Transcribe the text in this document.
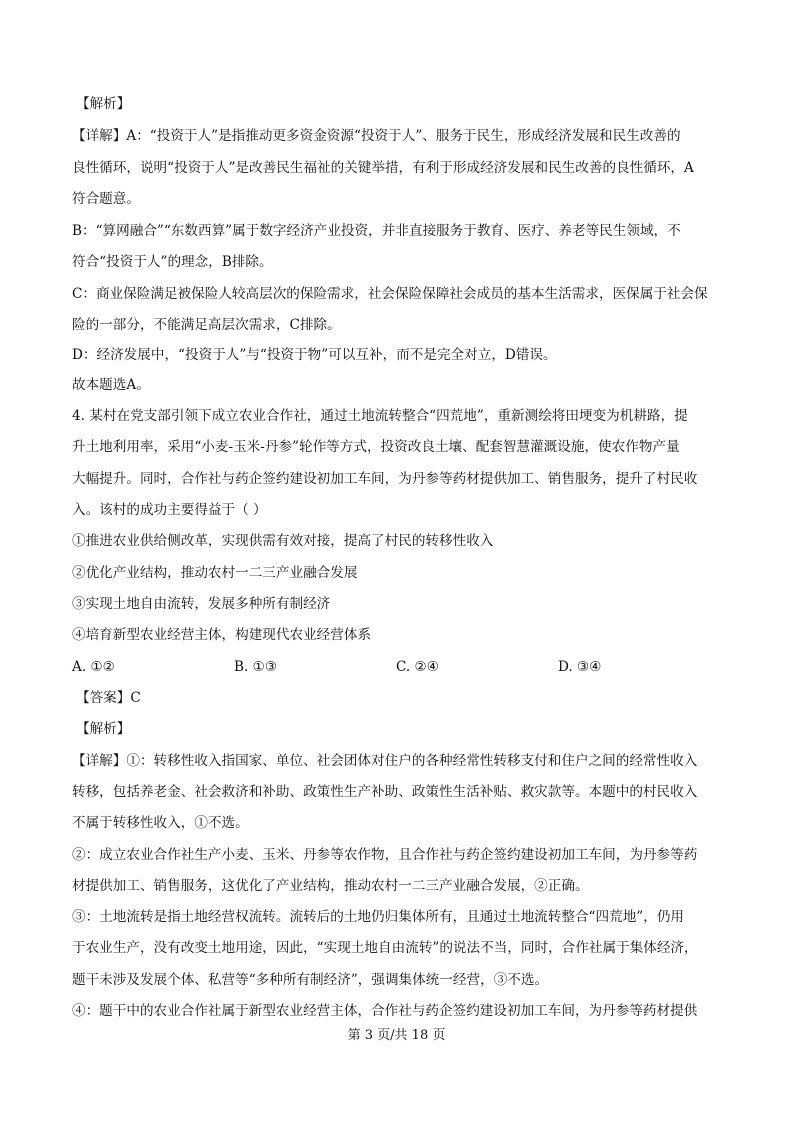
【解析】
【详解】A：“投资于人”是指推动更多资金资源“投资于人”、服务于民生，形成经济发展和民生改善的
良性循环，说明“投资于人”是改善民生福祉的关键举措，有利于形成经济发展和民生改善的良性循环，A
符合题意。
B：“算网融合”“东数西算”属于数字经济产业投资，并非直接服务于教育、医疗、养老等民生领域，不
符合“投资于人”的理念，B排除。
C：商业保险满足被保险人较高层次的保险需求，社会保险保障社会成员的基本生活需求，医保属于社会保
险的一部分，不能满足高层次需求，C排除。
D：经济发展中，“投资于人”与“投资于物”可以互补，而不是完全对立，D错误。
故本题选A。
4. 某村在党支部引领下成立农业合作社，通过土地流转整合“四荒地”，重新测绘将田埂变为机耕路，提
升土地利用率，采用“小麦-玉米-丹参”轮作等方式，投资改良土壤、配套智慧灌溉设施，使农作物产量
大幅提升。同时，合作社与药企签约建设初加工车间，为丹参等药材提供加工、销售服务，提升了村民收
入。该村的成功主要得益于（ ）
①推进农业供给侧改革，实现供需有效对接，提高了村民的转移性收入
②优化产业结构，推动农村一二三产业融合发展
③实现土地自由流转，发展多种所有制经济
④培育新型农业经营主体，构建现代农业经营体系
A. ①②	B. ①③	C. ②④	D. ③④
【答案】C
【解析】
【详解】①：转移性收入指国家、单位、社会团体对住户的各种经常性转移支付和住户之间的经常性收入
转移，包括养老金、社会救济和补助、政策性生产补助、政策性生活补贴、救灾款等。本题中的村民收入
不属于转移性收入，①不选。
②：成立农业合作社生产小麦、玉米、丹参等农作物，且合作社与药企签约建设初加工车间，为丹参等药
材提供加工、销售服务，这优化了产业结构，推动农村一二三产业融合发展，②正确。
③：土地流转是指土地经营权流转。流转后的土地仍归集体所有，且通过土地流转整合“四荒地”，仍用
于农业生产，没有改变土地用途，因此，“实现土地自由流转”的说法不当，同时，合作社属于集体经济，
题干未涉及发展个体、私营等“多种所有制经济”，强调集体统一经营，③不选。
④：题干中的农业合作社属于新型农业经营主体，合作社与药企签约建设初加工车间，为丹参等药材提供
第 3 页/共 18 页
